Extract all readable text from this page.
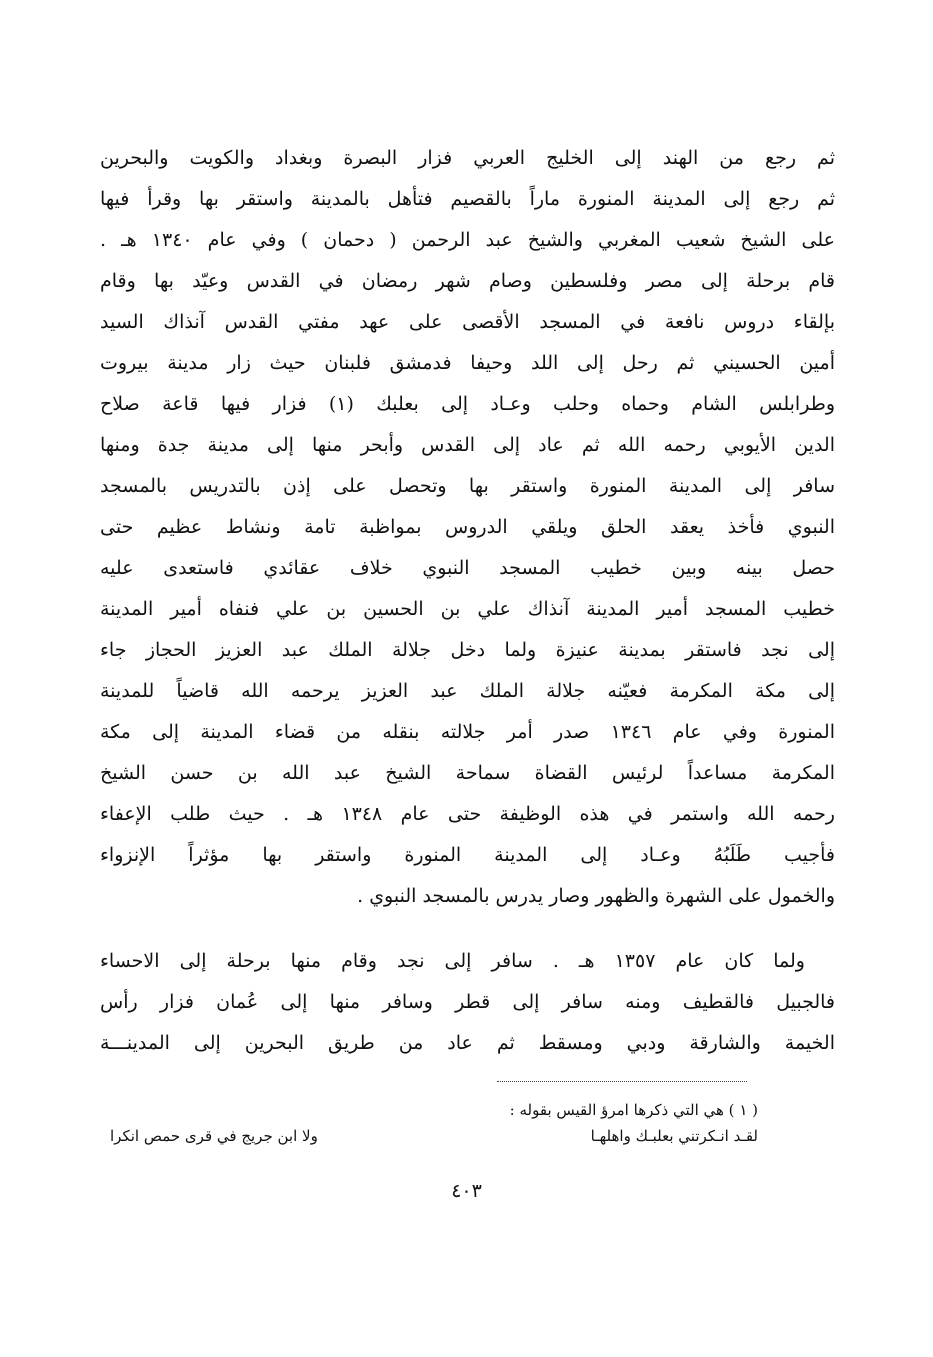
ثم رجع من الهند إلى الخليج العربي فزار البصرة وبغداد والكويت والبحرين
ثم رجع إلى المدينة المنورة ماراً بالقصيم فتأهل بالمدينة واستقر بها وقرأ فيها
على الشيخ شعيب المغربي والشيخ عبد الرحمن ( دحمان ) وفي عام ١٣٤٠ هـ .
قام برحلة إلى مصر وفلسطين وصام شهر رمضان في القدس وعيّد بها وقام
بإلقاء دروس نافعة في المسجد الأقصى على عهد مفتي القدس آنذاك السيد
أمين الحسيني ثم رحل إلى اللد وحيفا فدمشق فلبنان حيث زار مدينة بيروت
وطرابلس الشام وحماه وحلب وعـاد إلى بعلبك (١) فزار فيها قاعة صلاح
الدين الأيوبي رحمه الله ثم عاد إلى القدس وأبحر منها إلى مدينة جدة ومنها
سافر إلى المدينة المنورة واستقر بها وتحصل على إذن بالتدريس بالمسجد
النبوي فأخذ يعقد الحلق ويلقي الدروس بمواظبة تامة ونشاط عظيم حتى
حصل بينه وبين خطيب المسجد النبوي خلاف عقائدي فاستعدى عليه
خطيب المسجد أمير المدينة آنذاك علي بن الحسين بن علي فنفاه أمير المدينة
إلى نجد فاستقر بمدينة عنيزة ولما دخل جلالة الملك عبد العزيز الحجاز جاء
إلى مكة المكرمة فعيّنه جلالة الملك عبد العزيز يرحمه الله قاضياً للمدينة
المنورة وفي عام ١٣٤٦ صدر أمر جلالته بنقله من قضاء المدينة إلى مكة
المكرمة مساعداً لرئيس القضاة سماحة الشيخ عبد الله بن حسن الشيخ
رحمه الله واستمر في هذه الوظيفة حتى عام ١٣٤٨ هـ . حيث طلب الإعفاء
فأجيب طَلَبُهُ وعـاد إلى المدينة المنورة واستقر بها مؤثراً الإنزواء
والخمول على الشهرة والظهور وصار يدرس بالمسجد النبوي .
ولما كان عام ١٣٥٧ هـ . سافر إلى نجد وقام منها برحلة إلى الاحساء
فالجبيل فالقطيف ومنه سافر إلى قطر وسافر منها إلى عُمان فزار رأس
الخيمة والشارقة ودبي ومسقط ثم عاد من طريق البحرين إلى المدينـــة
( ١ ) هي التي ذكرها امرؤ القيس بقوله :
لقـد انـكرتني بعلبـك واهلهـا
ولا ابن جريج في قرى حمص انكرا
٤٠٣
